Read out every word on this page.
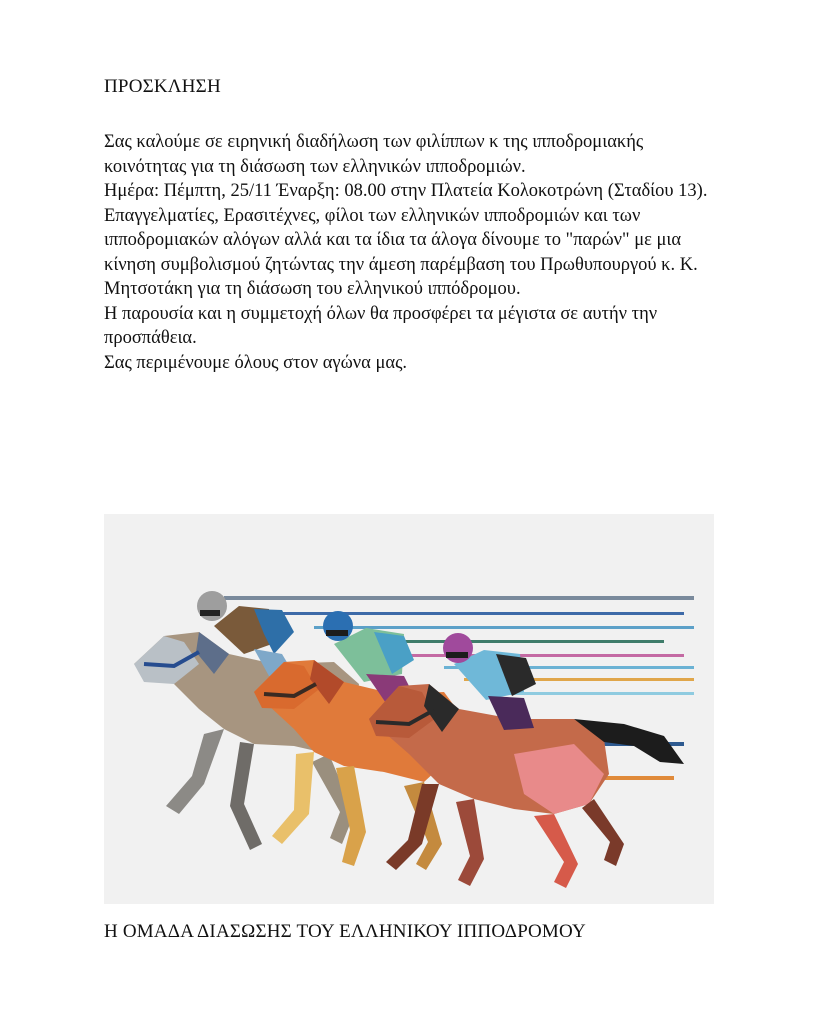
ΠΡΟΣΚΛΗΣΗ

Σας καλούμε σε ειρηνική διαδήλωση των φιλίππων κ της ιπποδρομιακής κοινότητας για τη διάσωση των ελληνικών ιπποδρομιών.

Ημέρα: Πέμπτη, 25/11 Έναρξη: 08.00 στην Πλατεία Κολοκοτρώνη (Σταδίου 13).

Επαγγελματίες, Ερασιτέχνες, φίλοι των ελληνικών ιπποδρομιών και των ιπποδρομιακών αλόγων αλλά και τα ίδια τα άλογα δίνουμε το "παρών" με μια κίνηση συμβολισμού ζητώντας την άμεση παρέμβαση του Πρωθυπουργού κ. Κ. Μητσοτάκη για τη διάσωση του ελληνικού ιππόδρομου.

Η παρουσία και η συμμετοχή όλων θα προσφέρει τα μέγιστα σε αυτήν την προσπάθεια.

Σας περιμένουμε όλους στον αγώνα μας.

Η ΟΜΑΔΑ ΔΙΑΣΩΣΗΣ ΤΟΥ ΕΛΛΗΝΙΚΟΥ ΙΠΠΟΔΡΟΜΟΥ
